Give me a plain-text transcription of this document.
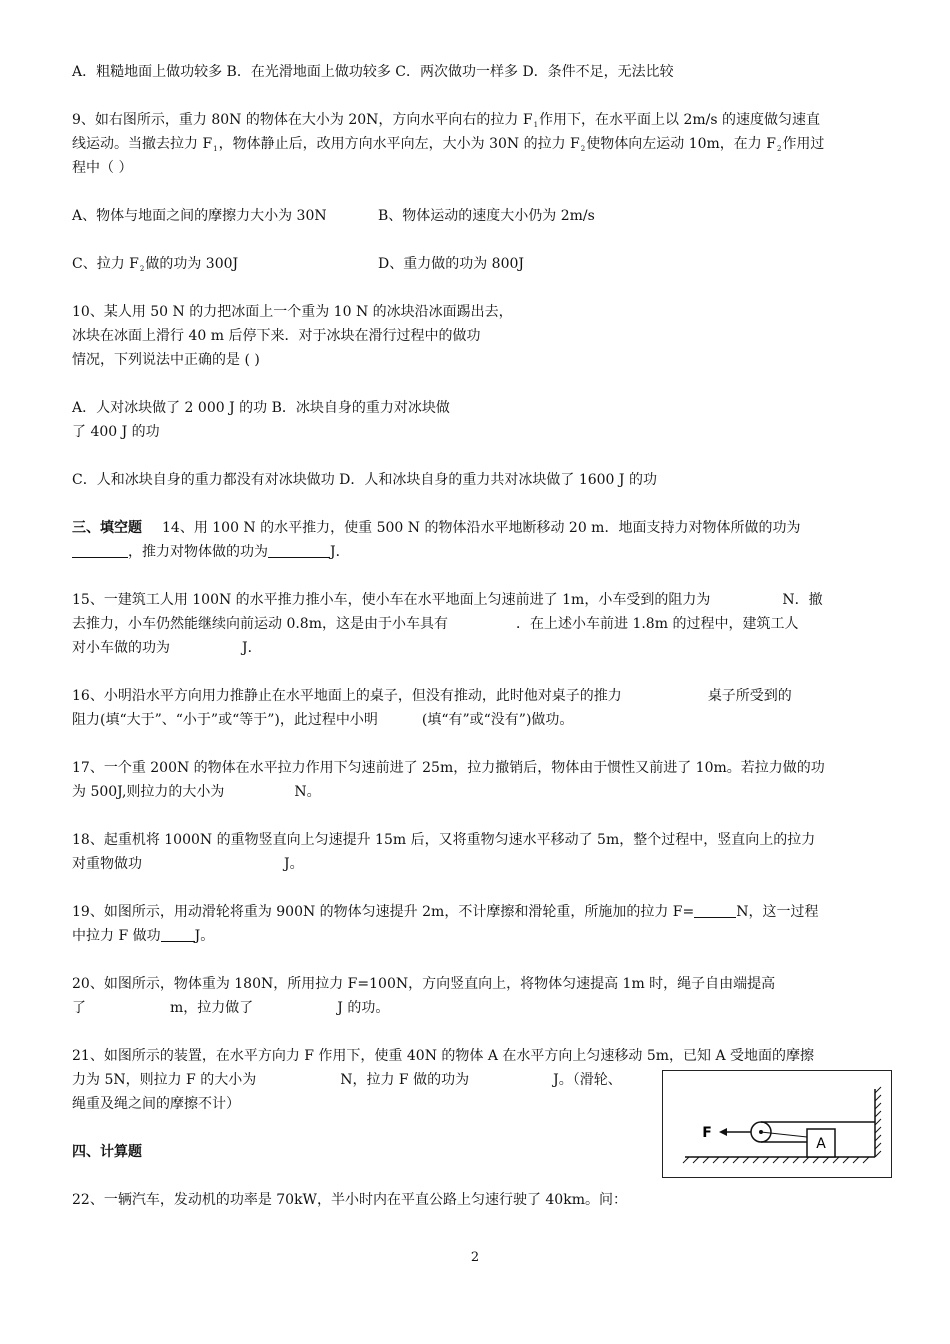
A．粗糙地面上做功较多 B．在光滑地面上做功较多 C．两次做功一样多 D．条件不足，无法比较
9、如右图所示，重力 80N 的物体在大小为 20N，方向水平向右的拉力 $F_1$作用下，在水平面上以 2m/s 的速度做匀速直
线运动。当撤去拉力 $F_1$，物体静止后，改用方向水平向左，大小为 30N 的拉力 $F_2$使物体向左运动 10m，在力 $F_2$作用过
程中（ ）
A、物体与地面之间的摩擦力大小为 30N	B、物体运动的速度大小仍为 2m/s
C、拉力 $F_2$做的功为 300J	D、重力做的功为 800J
10、某人用 50 N 的力把冰面上一个重为 10 N 的冰块沿冰面踢出去，
冰块在冰面上滑行 40 m 后停下来．对于冰块在滑行过程中的做功
情况，下列说法中正确的是 ( )
A．人对冰块做了 2 000 J 的功 B．冰块自身的重力对冰块做
了 400 J 的功
C．人和冰块自身的重力都没有对冰块做功 D．人和冰块自身的重力共对冰块做了 1600 J 的功
三、填空题 14、用 100 N 的水平推力，使重 500 N 的物体沿水平地断移动 20 m．地面支持力对物体所做的功为
，推力对物体做的功为	J．
15、一建筑工人用 100N 的水平推力推小车，使小车在水平地面上匀速前进了 1m，小车受到的阻力为	N．撤
去推力，小车仍然能继续向前运动 0.8m，这是由于小车具有	．在上述小车前进 1.8m 的过程中，建筑工人
对小车做的功为	J．
16、小明沿水平方向用力推静止在水平地面上的桌子，但没有推动，此时他对桌子的推力	桌子所受到的
阻力(填“大于”、“小于”或“等于”)，此过程中小明	(填“有”或“没有”)做功。
17、一个重 200N 的物体在水平拉力作用下匀速前进了 25m，拉力撤销后，物体由于惯性又前进了 10m。若拉力做的功
为 500J,则拉力的大小为	N。
18、起重机将 1000N 的重物竖直向上匀速提升 15m 后，又将重物匀速水平移动了 5m，整个过程中，竖直向上的拉力
对重物做功	J。
19、如图所示，用动滑轮将重为 900N 的物体匀速提升 2m，不计摩擦和滑轮重，所施加的拉力 F=	N，这一过程
中拉力 F 做功 J。
20、如图所示，物体重为 180N，所用拉力 F=100N，方向竖直向上，将物体匀速提高 1m 时，绳子自由端提高
了	m，拉力做了	J 的功。
21、如图所示的装置，在水平方向力 F 作用下，使重 40N 的物体 A 在水平方向上匀速移动 5m，已知 A 受地面的摩擦
力为 5N，则拉力 F 的大小为	N，拉力 F 做的功为	J。（滑轮、
绳重及绳之间的摩擦不计）
A
F
四、计算题
22、一辆汽车，发动机的功率是 70kW，半小时内在平直公路上匀速行驶了 40km。问：
2
